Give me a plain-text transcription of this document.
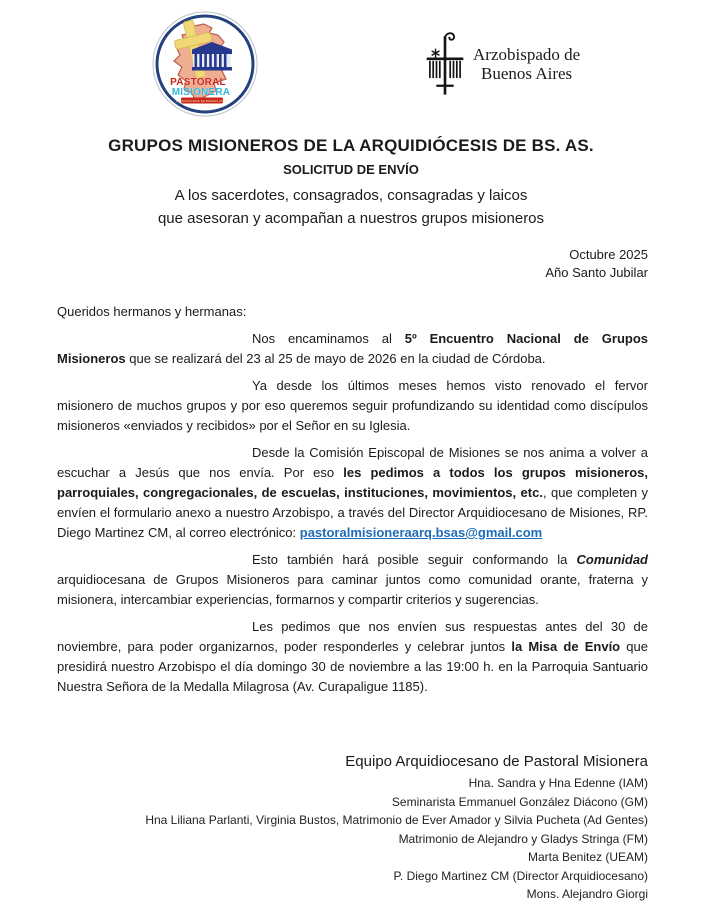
PASTORAL
MISIONERA
ARQUIDIÓCESIS DE BUENOS AIRES
Arzobispado de
Buenos Aires
GRUPOS MISIONEROS DE LA ARQUIDIÓCESIS DE BS. AS.
SOLICITUD DE ENVÍO
A los sacerdotes, consagrados, consagradas y laicos
que asesoran y acompañan a nuestros grupos misioneros
Octubre 2025
Año Santo Jubilar

Queridos hermanos y hermanas:

Nos encaminamos al 5º Encuentro Nacional de Grupos Misioneros que se realizará del 23 al 25 de mayo de 2026 en la ciudad de Córdoba.

Ya desde los últimos meses hemos visto renovado el fervor misionero de muchos grupos y por eso queremos seguir profundizando su identidad como discípulos misioneros «enviados y recibidos» por el Señor en su Iglesia.

Desde la Comisión Episcopal de Misiones se nos anima a volver a escuchar a Jesús que nos envía. Por eso les pedimos a todos los grupos misioneros, parroquiales, congregacionales, de escuelas, instituciones, movimientos, etc., que completen y envíen el formulario anexo a nuestro Arzobispo, a través del Director Arquidiocesano de Misiones, RP. Diego Martinez CM, al correo electrónico: pastoralmisioneraarq.bsas@gmail.com

Esto también hará posible seguir conformando la Comunidad arquidiocesana de Grupos Misioneros para caminar juntos como comunidad orante, fraterna y misionera, intercambiar experiencias, formarnos y compartir criterios y sugerencias.

Les pedimos que nos envíen sus respuestas antes del 30 de noviembre, para poder organizarnos, poder responderles y celebrar juntos la Misa de Envío que presidirá nuestro Arzobispo el día domingo 30 de noviembre a las 19:00 h. en la Parroquia Santuario Nuestra Señora de la Medalla Milagrosa (Av. Curapaligue 1185).

Equipo Arquidiocesano de Pastoral Misionera
Hna. Sandra y Hna Edenne (IAM)
Seminarista Emmanuel González Diácono (GM)
Hna Liliana Parlanti, Virginia Bustos, Matrimonio de Ever Amador y Silvia Pucheta (Ad Gentes)
Matrimonio de Alejandro y Gladys Stringa (FM)
Marta Benitez (UEAM)
P. Diego Martinez CM (Director Arquidiocesano)
Mons. Alejandro Giorgi
